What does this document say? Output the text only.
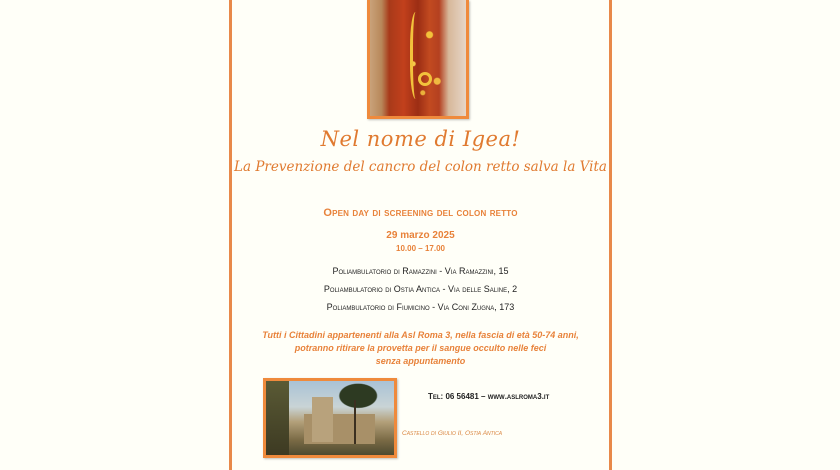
Nel nome di Igea!
La Prevenzione del cancro del colon retto salva la Vita
Open day di screening del colon retto
29 marzo 2025
10.00 – 17.00
Poliambulatorio di Ramazzini - Via Ramazzini, 15
Poliambulatorio di Ostia Antica - Via delle Saline, 2
Poliambulatorio di Fiumicino - Via Coni Zugna, 173
Tutti i Cittadini appartenenti alla Asl Roma 3, nella fascia di età 50-74 anni,
potranno ritirare la provetta per il sangue occulto nelle feci
senza appuntamento
Tel: 06 56481 – www.aslroma3.it
Castello di Giulio II, Ostia Antica
